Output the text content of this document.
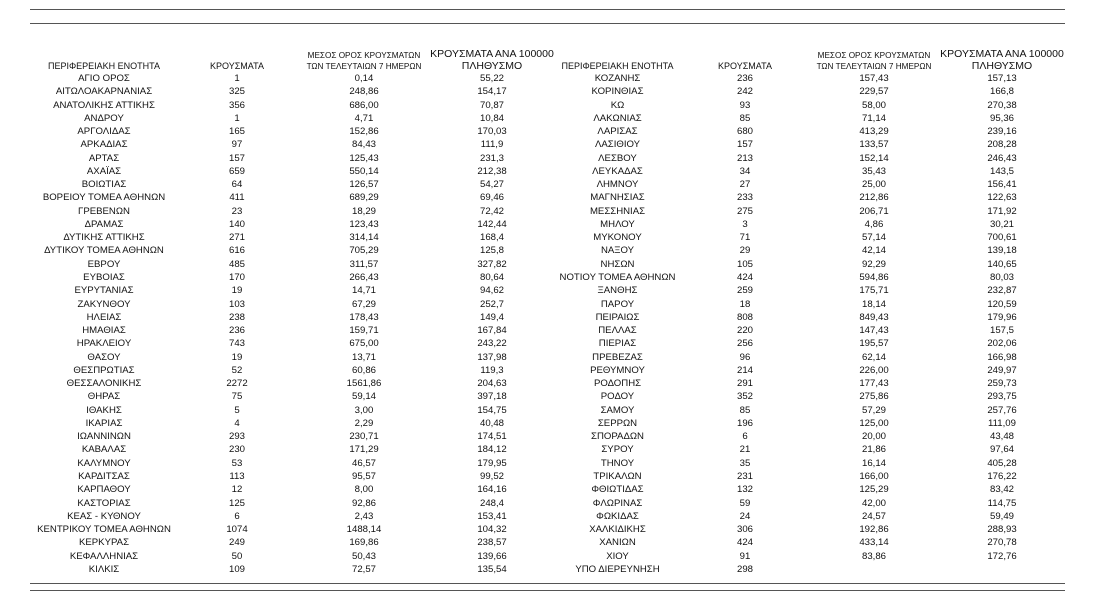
ΠΕΡΙΦΕΡΕΙΑΚΗ ΕΝΟΤΗΤΑ	ΚΡΟΥΣΜΑΤΑ
ΜΕΣΟΣ ΟΡΟΣ ΚΡΟΥΣΜΑΤΩΝ
ΤΩΝ ΤΕΛΕΥΤΑΙΩΝ 7 ΗΜΕΡΩΝ
ΚΡΟΥΣΜΑΤΑ ΑΝΑ 100000
ΠΛΗΘΥΣΜΟ	ΠΕΡΙΦΕΡΕΙΑΚΗ ΕΝΟΤΗΤΑ	ΚΡΟΥΣΜΑΤΑ
ΜΕΣΟΣ ΟΡΟΣ ΚΡΟΥΣΜΑΤΩΝ
ΤΩΝ ΤΕΛΕΥΤΑΙΩΝ 7 ΗΜΕΡΩΝ
ΚΡΟΥΣΜΑΤΑ ΑΝΑ 100000
ΠΛΗΘΥΣΜΟ
ΑΓΙΟ ΟΡΟΣ	1	0,14	55,22	ΚΟΖΑΝΗΣ	236	157,43	157,13
ΑΙΤΩΛΟΑΚΑΡΝΑΝΙΑΣ	325	248,86	154,17	ΚΟΡΙΝΘΙΑΣ	242	229,57	166,8
ΑΝΑΤΟΛΙΚΗΣ ΑΤΤΙΚΗΣ	356	686,00	70,87	ΚΩ	93	58,00	270,38
ΑΝΔΡΟΥ	1	4,71	10,84	ΛΑΚΩΝΙΑΣ	85	71,14	95,36
ΑΡΓΟΛΙΔΑΣ	165	152,86	170,03	ΛΑΡΙΣΑΣ	680	413,29	239,16
ΑΡΚΑΔΙΑΣ	97	84,43	111,9	ΛΑΣΙΘΙΟΥ	157	133,57	208,28
ΑΡΤΑΣ	157	125,43	231,3	ΛΕΣΒΟΥ	213	152,14	246,43
ΑΧΑΪΑΣ	659	550,14	212,38	ΛΕΥΚΑΔΑΣ	34	35,43	143,5
ΒΟΙΩΤΙΑΣ	64	126,57	54,27	ΛΗΜΝΟΥ	27	25,00	156,41
ΒΟΡΕΙΟΥ ΤΟΜΕΑ ΑΘΗΝΩΝ	411	689,29	69,46	ΜΑΓΝΗΣΙΑΣ	233	212,86	122,63
ΓΡΕΒΕΝΩΝ	23	18,29	72,42	ΜΕΣΣΗΝΙΑΣ	275	206,71	171,92
ΔΡΑΜΑΣ	140	123,43	142,44	ΜΗΛΟΥ	3	4,86	30,21
ΔΥΤΙΚΗΣ ΑΤΤΙΚΗΣ	271	314,14	168,4	ΜΥΚΟΝΟΥ	71	57,14	700,61
ΔΥΤΙΚΟΥ ΤΟΜΕΑ ΑΘΗΝΩΝ	616	705,29	125,8	ΝΑΞΟΥ	29	42,14	139,18
ΕΒΡΟΥ	485	311,57	327,82	ΝΗΣΩΝ	105	92,29	140,65
ΕΥΒΟΙΑΣ	170	266,43	80,64	ΝΟΤΙΟΥ ΤΟΜΕΑ ΑΘΗΝΩΝ	424	594,86	80,03
ΕΥΡΥΤΑΝΙΑΣ	19	14,71	94,62	ΞΑΝΘΗΣ	259	175,71	232,87
ΖΑΚΥΝΘΟΥ	103	67,29	252,7	ΠΑΡΟΥ	18	18,14	120,59
ΗΛΕΙΑΣ	238	178,43	149,4	ΠΕΙΡΑΙΩΣ	808	849,43	179,96
ΗΜΑΘΙΑΣ	236	159,71	167,84	ΠΕΛΛΑΣ	220	147,43	157,5
ΗΡΑΚΛΕΙΟΥ	743	675,00	243,22	ΠΙΕΡΙΑΣ	256	195,57	202,06
ΘΑΣΟΥ	19	13,71	137,98	ΠΡΕΒΕΖΑΣ	96	62,14	166,98
ΘΕΣΠΡΩΤΙΑΣ	52	60,86	119,3	ΡΕΘΥΜΝΟΥ	214	226,00	249,97
ΘΕΣΣΑΛΟΝΙΚΗΣ	2272	1561,86	204,63	ΡΟΔΟΠΗΣ	291	177,43	259,73
ΘΗΡΑΣ	75	59,14	397,18	ΡΟΔΟΥ	352	275,86	293,75
ΙΘΑΚΗΣ	5	3,00	154,75	ΣΑΜΟΥ	85	57,29	257,76
ΙΚΑΡΙΑΣ	4	2,29	40,48	ΣΕΡΡΩΝ	196	125,00	111,09
ΙΩΑΝΝΙΝΩΝ	293	230,71	174,51	ΣΠΟΡΑΔΩΝ	6	20,00	43,48
ΚΑΒΑΛΑΣ	230	171,29	184,12	ΣΥΡΟΥ	21	21,86	97,64
ΚΑΛΥΜΝΟΥ	53	46,57	179,95	ΤΗΝΟΥ	35	16,14	405,28
ΚΑΡΔΙΤΣΑΣ	113	95,57	99,52	ΤΡΙΚΑΛΩΝ	231	166,00	176,22
ΚΑΡΠΑΘΟΥ	12	8,00	164,16	ΦΘΙΩΤΙΔΑΣ	132	125,29	83,42
ΚΑΣΤΟΡΙΑΣ	125	92,86	248,4	ΦΛΩΡΙΝΑΣ	59	42,00	114,75
ΚΕΑΣ - ΚΥΘΝΟΥ	6	2,43	153,41	ΦΩΚΙΔΑΣ	24	24,57	59,49
ΚΕΝΤΡΙΚΟΥ ΤΟΜΕΑ ΑΘΗΝΩΝ	1074	1488,14	104,32	ΧΑΛΚΙΔΙΚΗΣ	306	192,86	288,93
ΚΕΡΚΥΡΑΣ	249	169,86	238,57	ΧΑΝΙΩΝ	424	433,14	270,78
ΚΕΦΑΛΛΗΝΙΑΣ	50	50,43	139,66	ΧΙΟΥ	91	83,86	172,76
ΚΙΛΚΙΣ	109	72,57	135,54	ΥΠΟ ΔΙΕΡΕΥΝΗΣΗ	298
